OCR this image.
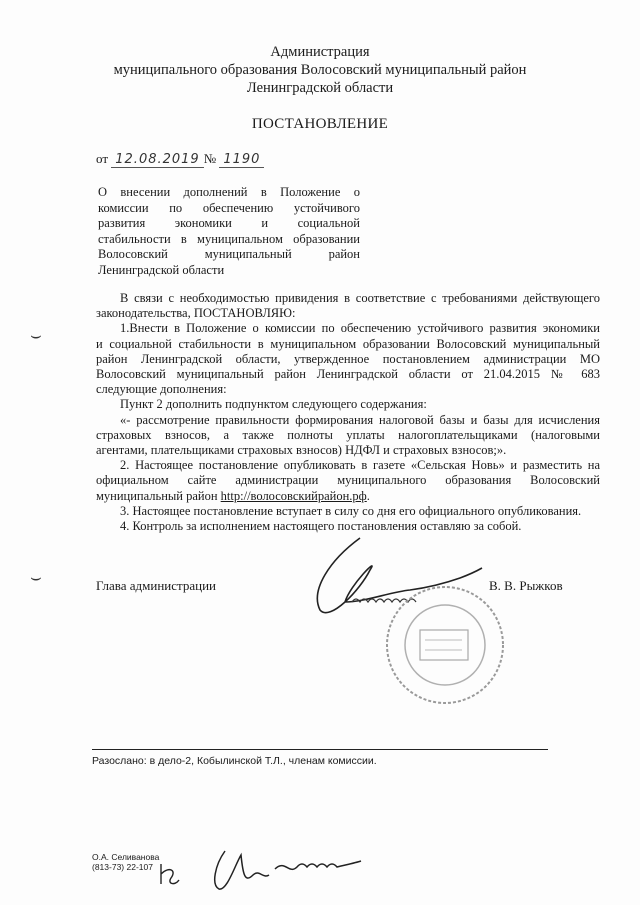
⌣
⌣
Администрация
муниципального образования Волосовский муниципальный район
Ленинградской области
ПОСТАНОВЛЕНИЕ
от 12.08.2019 № 1190
О внесении дополнений в Положение о
комиссии по обеспечению устойчивого
развития экономики и социальной
стабильности в муниципальном образовании
Волосовский муниципальный район
Ленинградской области
В связи с необходимостью привидения в соответствие с требованиями действующего
законодательства, ПОСТАНОВЛЯЮ:
1.Внести в Положение о комиссии по обеспечению устойчивого развития экономики
и социальной стабильности в муниципальном образовании Волосовский муниципальный
район Ленинградской области, утвержденное постановлением администрации МО
Волосовский муниципальный район Ленинградской области от 21.04.2015 № 683
следующие дополнения:

Пункт 2 дополнить подпунктом следующего содержания:

«- рассмотрение правильности формирования налоговой базы и базы для исчисления
страховых взносов, а также полноты уплаты налогоплательщиками (налоговыми
агентами, плательщиками страховых взносов) НДФЛ и страховых взносов;».
2. Настоящее постановление опубликовать в газете «Сельская Новь» и разместить на
официальном сайте администрации муниципального образования Волосовский
муниципальный район http://волосовскийрайон.рф.

3. Настоящее постановление вступает в силу со дня его официального опубликования.

4. Контроль за исполнением настоящего постановления оставляю за собой.

Глава администрации	В. В. Рыжков
Разослано: в дело-2, Кобылинской Т.Л., членам комиссии.
О.А. Селиванова
(813-73) 22-107
